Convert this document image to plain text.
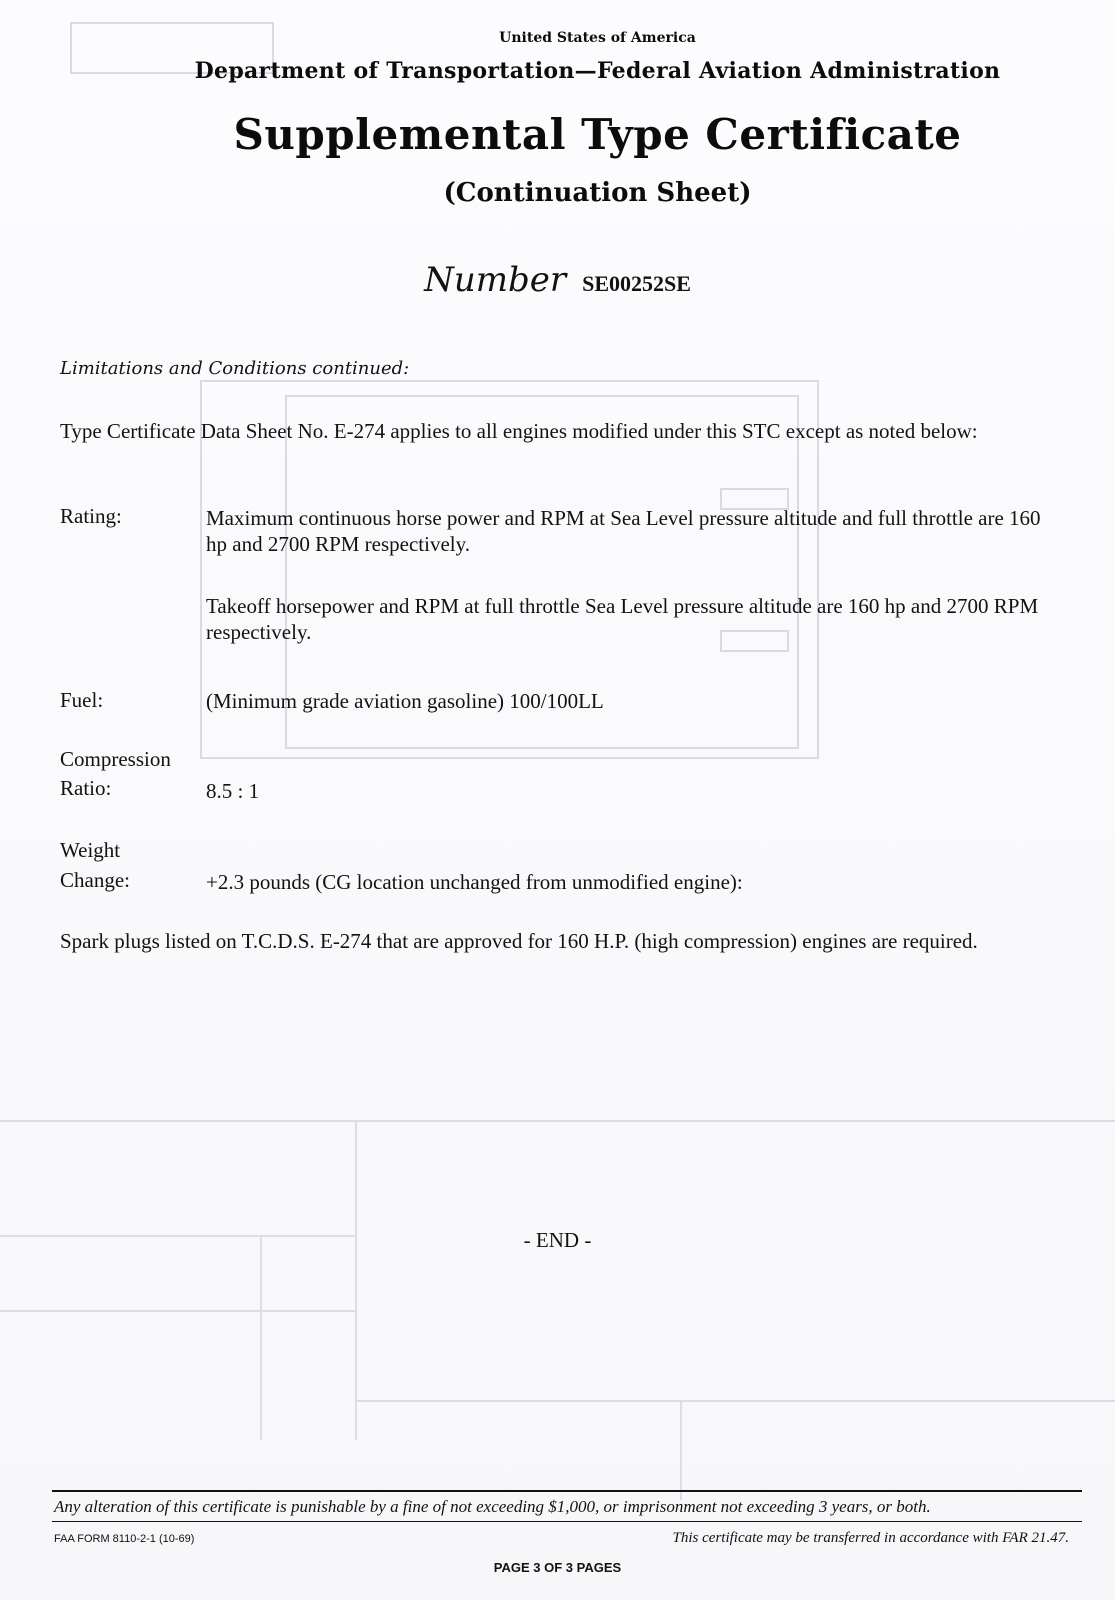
United States of America
Department of Transportation—Federal Aviation Administration
Supplemental Type Certificate
(Continuation Sheet)
Number SE00252SE
Limitations and Conditions continued:
Type Certificate Data Sheet No. E-274 applies to all engines modified under this STC except as noted below:
Rating:	Maximum continuous horse power and RPM at Sea Level pressure altitude and full throttle are 160 hp and 2700 RPM respectively.
Takeoff horsepower and RPM at full throttle Sea Level pressure altitude are 160 hp and 2700 RPM respectively.
Fuel:	(Minimum grade aviation gasoline) 100/100LL
Compression
Ratio:	8.5 : 1
Weight
Change:	+2.3 pounds (CG location unchanged from unmodified engine):
Spark plugs listed on T.C.D.S. E-274 that are approved for 160 H.P. (high compression) engines are required.
- END -
Any alteration of this certificate is punishable by a fine of not exceeding $1,000, or imprisonment not exceeding 3 years, or both.
FAA FORM 8110-2-1 (10-69)	This certificate may be transferred in accordance with FAR 21.47.
PAGE 3 OF 3 PAGES
